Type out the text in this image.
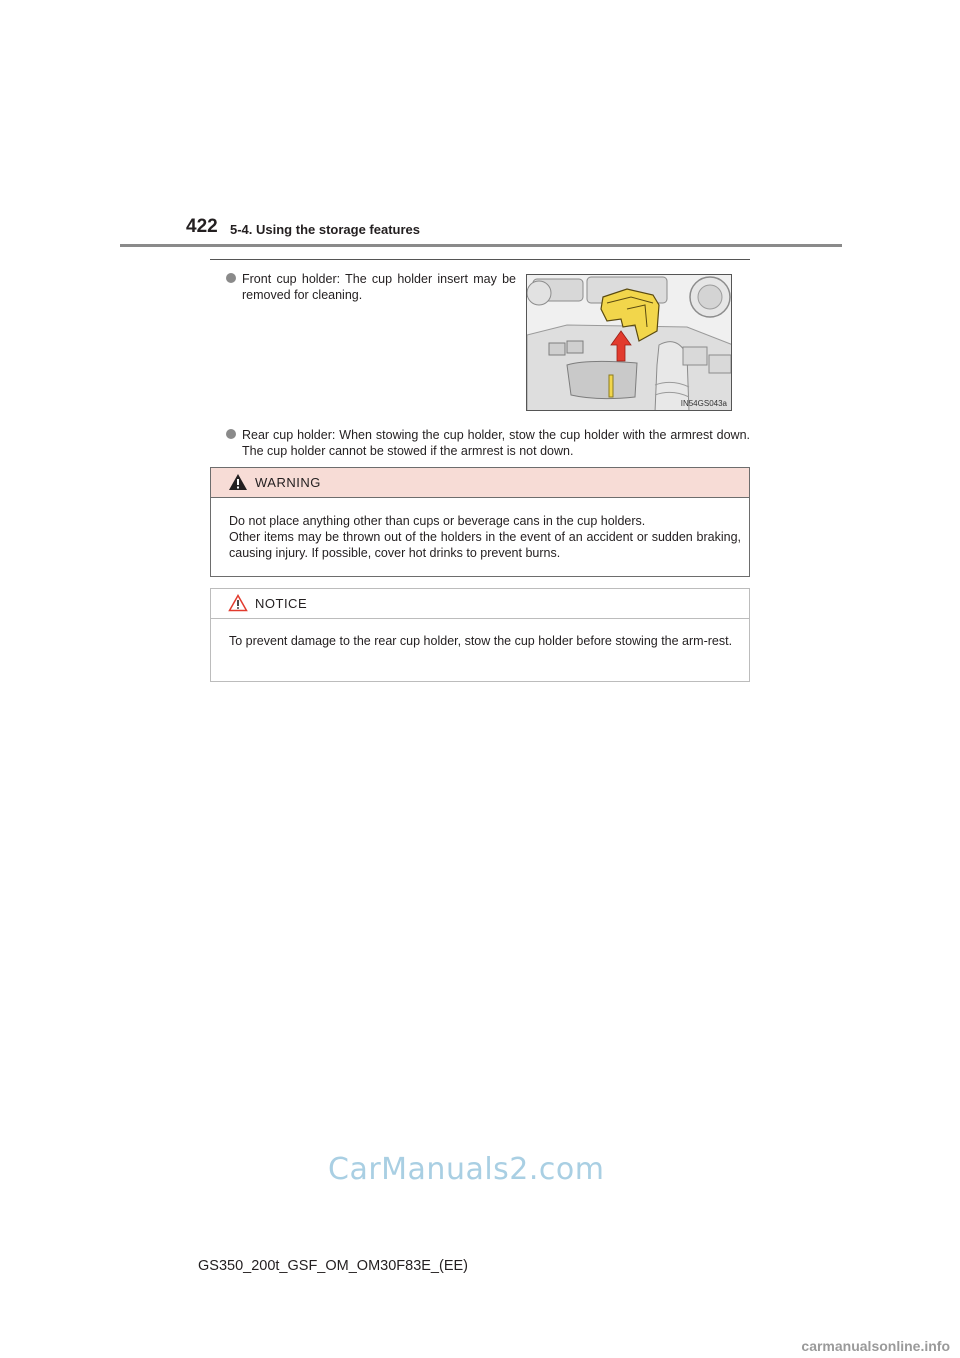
422 5-4. Using the storage features
Front cup holder: The cup holder insert may be removed for cleaning.
IN54GS043a
Rear cup holder: When stowing the cup holder, stow the cup holder with the armrest down. The cup holder cannot be stowed if the armrest is not down.
WARNING

Do not place anything other than cups or beverage cans in the cup holders.

Other items may be thrown out of the holders in the event of an accident or sudden braking, causing injury. If possible, cover hot drinks to prevent burns.

NOTICE
To prevent damage to the rear cup holder, stow the cup holder before stowing the arm-rest.
CarManuals2.com
GS350_200t_GSF_OM_OM30F83E_(EE)
carmanualsonline.info
